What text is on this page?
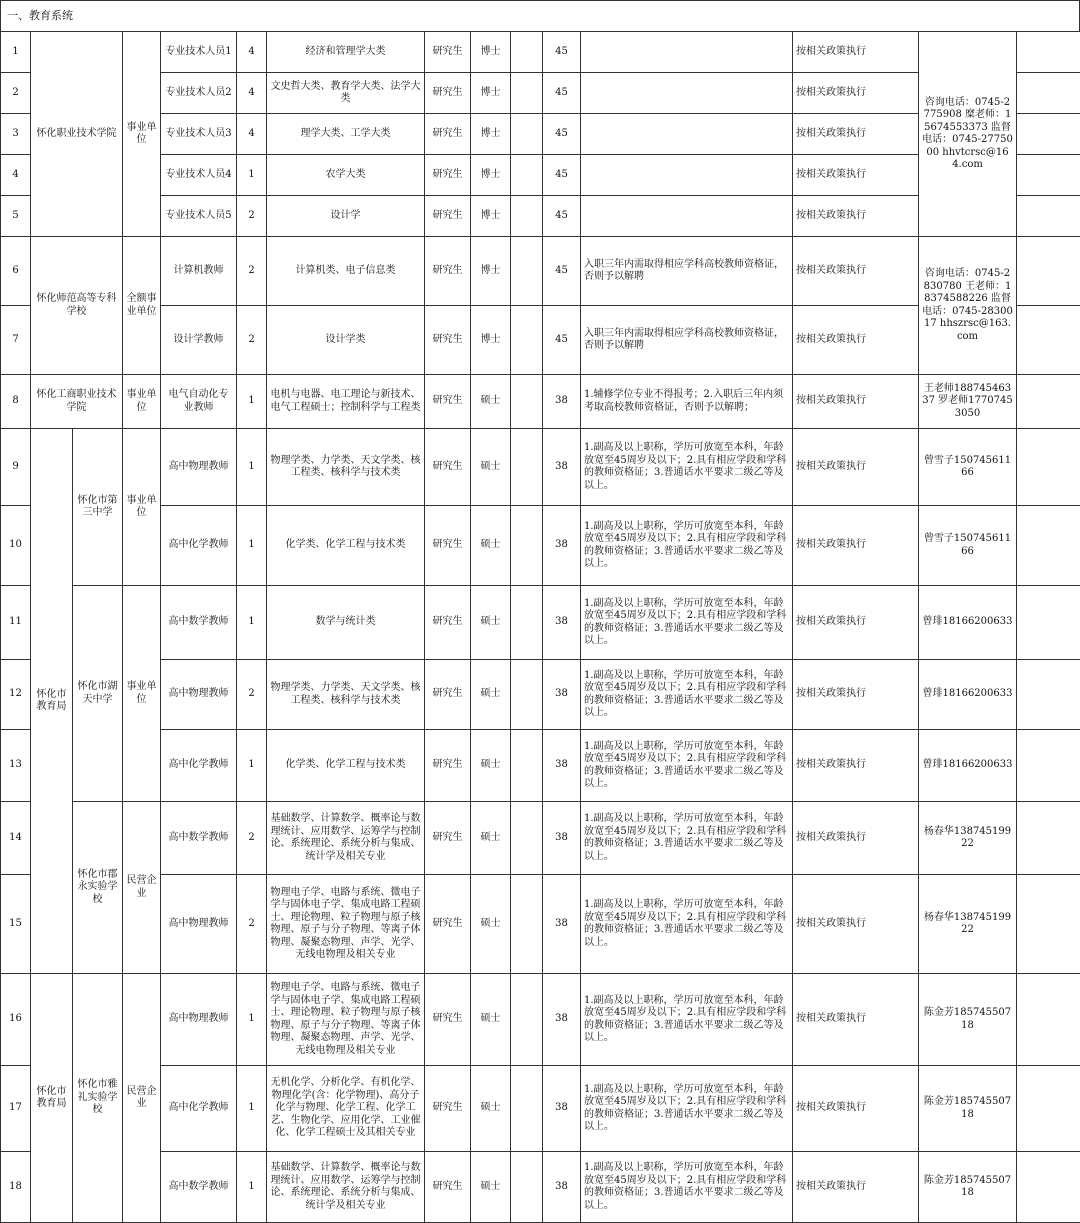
一、教育系统
1	怀化职业技术学院		事业单位	专业技术人员1	4	经济和管理学大类	研究生	博士		45		按相关政策执行	咨询电话：0745-2775908 糜老师：15674553373 监督电话：0745-2775000 hhvtcrsc@164.com	
2				专业技术人员2	4	文史哲大类、教育学大类、法学大类	研究生	博士		45		按相关政策执行		
3				专业技术人员3	4	理学大类、工学大类	研究生	博士		45		按相关政策执行		
4				专业技术人员4	1	农学大类	研究生	博士		45		按相关政策执行		
5				专业技术人员5	2	设计学	研究生	博士		45		按相关政策执行		
6	怀化师范高等专科学校		全额事业单位	计算机教师	2	计算机类、电子信息类	研究生	博士		45	入职三年内需取得相应学科高校教师资格证，否则予以解聘	按相关政策执行	咨询电话：0745-2830780 王老师：18374588226 监督电话：0745-2830017 hhszrsc@163.com	
7				设计学教师	2	设计学类	研究生	博士		45	入职三年内需取得相应学科高校教师资格证，否则予以解聘	按相关政策执行		
8	怀化工商职业技术学院		事业单位	电气自动化专业教师	1	电机与电器、电工理论与新技术、电气工程硕士；控制科学与工程类	研究生	硕士		38	1.辅修学位专业不得报考；2.入职后三年内须考取高校教师资格证，否则予以解聘；	按相关政策执行	王老师18874546337 罗老师17707453050	
9	怀化市教育局	怀化市第三中学	事业单位	高中物理教师	1	物理学类、力学类、天文学类、核工程类、核科学与技术类	研究生	硕士		38	1.副高及以上职称，学历可放宽至本科，年龄放宽至45周岁及以下；2.具有相应学段和学科的教师资格证；3.普通话水平要求二级乙等及以上。	按相关政策执行	曾雪子15074561166	
10				高中化学教师	1	化学类、化学工程与技术类	研究生	硕士		38	1.副高及以上职称，学历可放宽至本科，年龄放宽至45周岁及以下；2.具有相应学段和学科的教师资格证；3.普通话水平要求二级乙等及以上。	按相关政策执行	曾雪子15074561166	
11		怀化市湖天中学	事业单位	高中数学教师	1	数学与统计类	研究生	硕士		38	1.副高及以上职称，学历可放宽至本科，年龄放宽至45周岁及以下；2.具有相应学段和学科的教师资格证；3.普通话水平要求二级乙等及以上。	按相关政策执行	曾琲18166200633	
12				高中物理教师	2	物理学类、力学类、天文学类、核工程类、核科学与技术类	研究生	硕士		38	1.副高及以上职称，学历可放宽至本科，年龄放宽至45周岁及以下；2.具有相应学段和学科的教师资格证；3.普通话水平要求二级乙等及以上。	按相关政策执行	曾琲18166200633	
13				高中化学教师	1	化学类、化学工程与技术类	研究生	硕士		38	1.副高及以上职称，学历可放宽至本科，年龄放宽至45周岁及以下；2.具有相应学段和学科的教师资格证；3.普通话水平要求二级乙等及以上。	按相关政策执行	曾琲18166200633	
14		怀化市郡永实验学校	民营企业	高中数学教师	2	基础数学、计算数学、概率论与数理统计、应用数学、运筹学与控制论、系统理论、系统分析与集成、统计学及相关专业	研究生	硕士		38	1.副高及以上职称，学历可放宽至本科，年龄放宽至45周岁及以下；2.具有相应学段和学科的教师资格证；3.普通话水平要求二级乙等及以上。	按相关政策执行	杨春华13874519922	
15				高中物理教师	2	物理电子学、电路与系统、微电子学与固体电子学、集成电路工程硕士、理论物理、粒子物理与原子核物理、原子与分子物理、等离子体物理、凝聚态物理、声学、光学、无线电物理及相关专业	研究生	硕士		38	1.副高及以上职称，学历可放宽至本科，年龄放宽至45周岁及以下；2.具有相应学段和学科的教师资格证；3.普通话水平要求二级乙等及以上。	按相关政策执行	杨春华13874519922	
16	怀化市教育局	怀化市雅礼实验学校	民营企业	高中物理教师	1	物理电子学、电路与系统、微电子学与固体电子学、集成电路工程硕士、理论物理、粒子物理与原子核物理、原子与分子物理、等离子体物理、凝聚态物理、声学、光学、无线电物理及相关专业	研究生	硕士		38	1.副高及以上职称，学历可放宽至本科，年龄放宽至45周岁及以下；2.具有相应学段和学科的教师资格证；3.普通话水平要求二级乙等及以上。	按相关政策执行	陈金芳18574550718	
17				高中化学教师	1	无机化学、分析化学、有机化学、物理化学(含：化学物理)、高分子化学与物理、化学工程、化学工艺、生物化学、应用化学、工业催化、化学工程硕士及其相关专业	研究生	硕士		38	1.副高及以上职称，学历可放宽至本科，年龄放宽至45周岁及以下；2.具有相应学段和学科的教师资格证；3.普通话水平要求二级乙等及以上。	按相关政策执行	陈金芳18574550718	
18				高中数学教师	1	基础数学、计算数学、概率论与数理统计、应用数学、运筹学与控制论、系统理论、系统分析与集成、统计学及相关专业	研究生	硕士		38	1.副高及以上职称，学历可放宽至本科，年龄放宽至45周岁及以下；2.具有相应学段和学科的教师资格证；3.普通话水平要求二级乙等及以上。	按相关政策执行	陈金芳18574550718	
